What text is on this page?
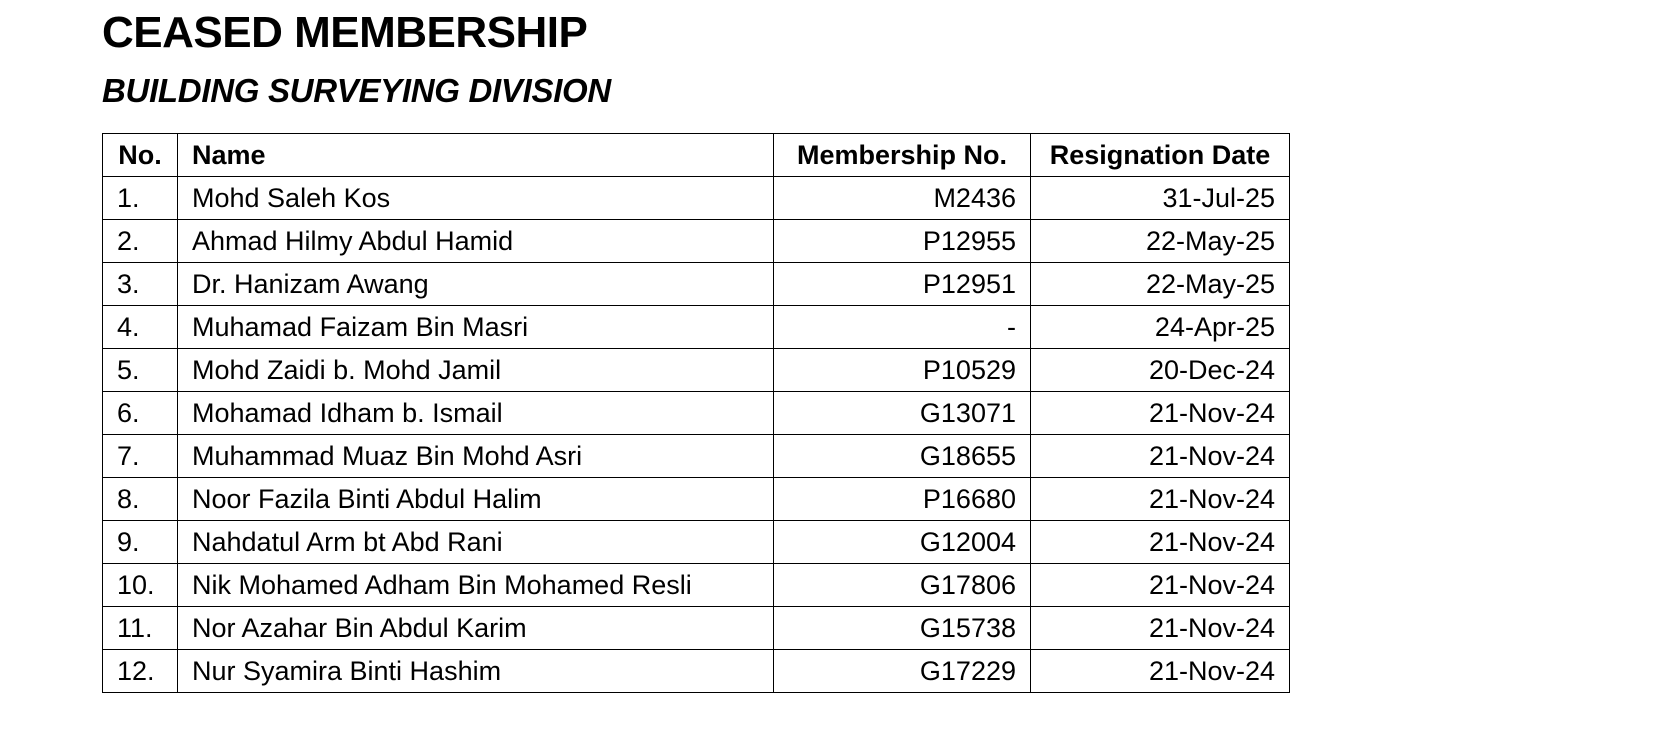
CEASED MEMBERSHIP
BUILDING SURVEYING DIVISION
No.	Name	Membership No.	Resignation Date
1.	Mohd Saleh Kos	M2436	31-Jul-25
2.	Ahmad Hilmy Abdul Hamid	P12955	22-May-25
3.	Dr. Hanizam Awang	P12951	22-May-25
4.	Muhamad Faizam Bin Masri	-	24-Apr-25
5.	Mohd Zaidi b. Mohd Jamil	P10529	20-Dec-24
6.	Mohamad Idham b. Ismail	G13071	21-Nov-24
7.	Muhammad Muaz Bin Mohd Asri	G18655	21-Nov-24
8.	Noor Fazila Binti Abdul Halim	P16680	21-Nov-24
9.	Nahdatul Arm bt Abd Rani	G12004	21-Nov-24
10.	Nik Mohamed Adham Bin Mohamed Resli	G17806	21-Nov-24
11.	Nor Azahar Bin Abdul Karim	G15738	21-Nov-24
12.	Nur Syamira Binti Hashim	G17229	21-Nov-24
